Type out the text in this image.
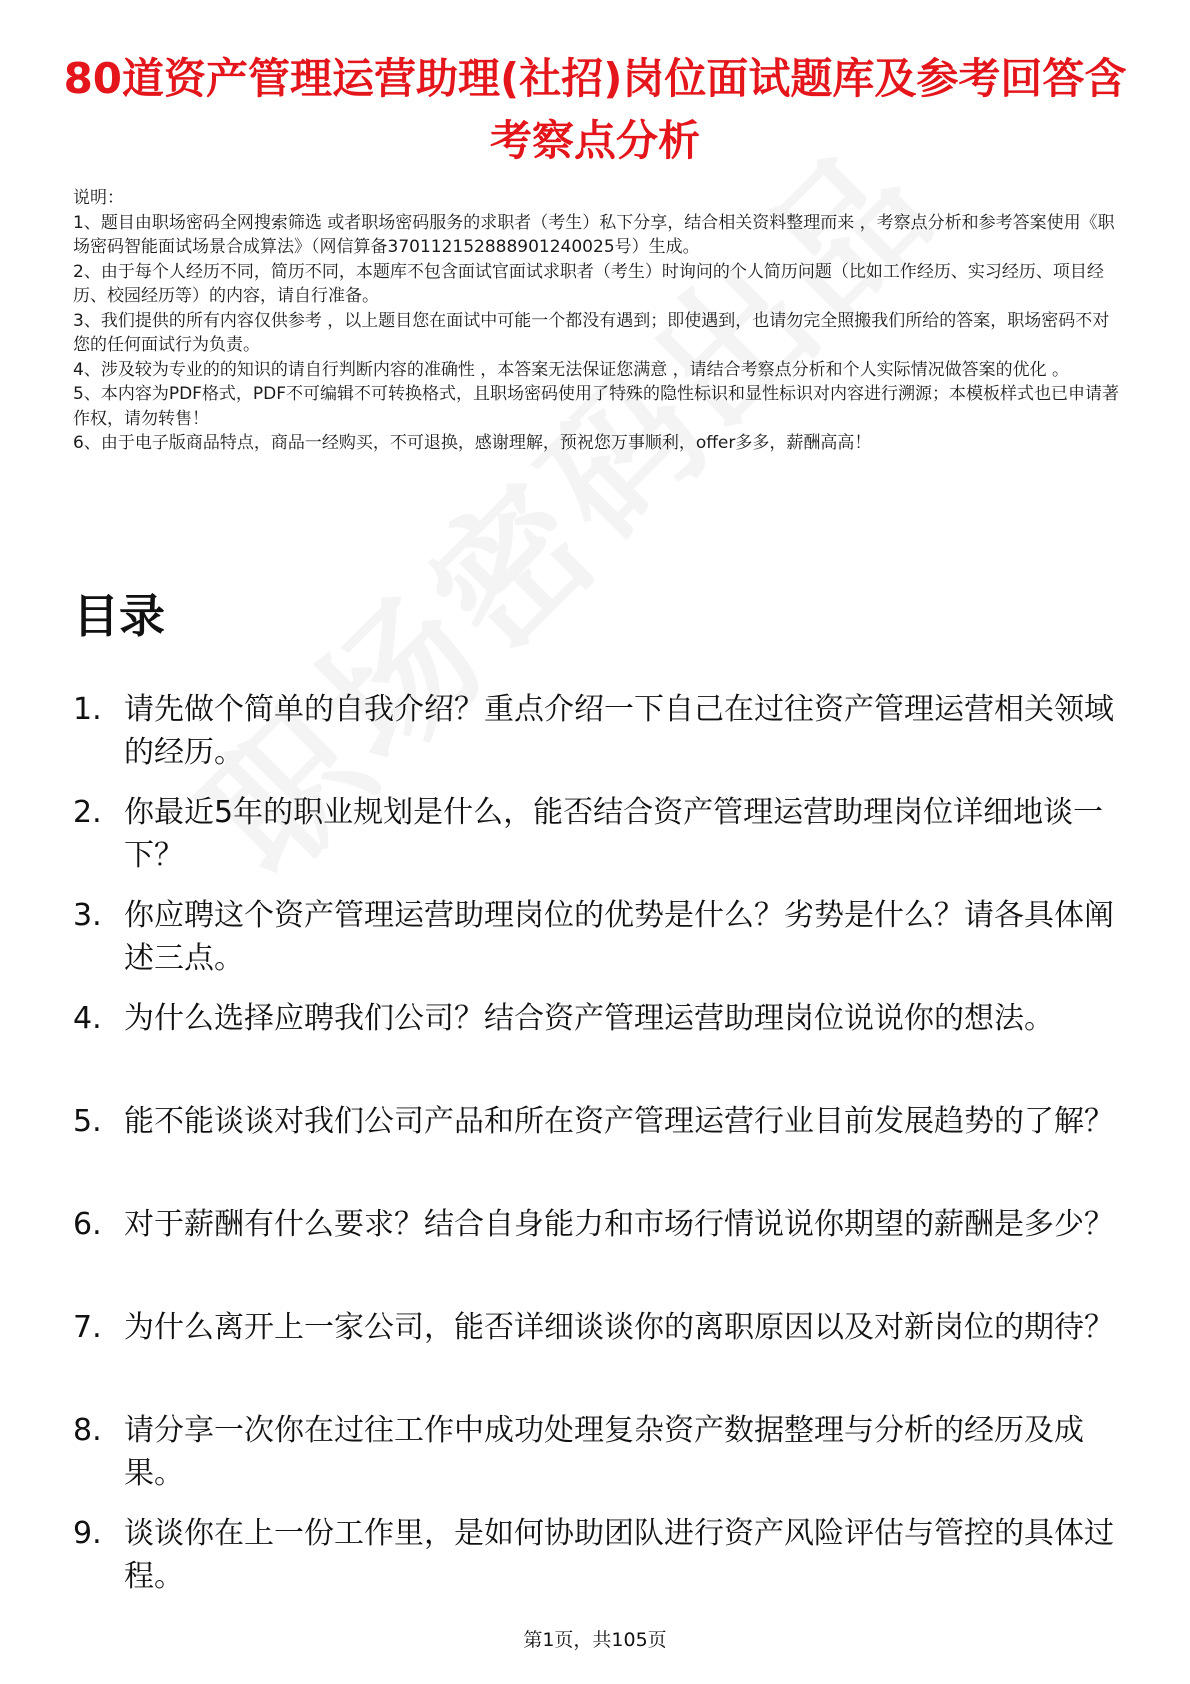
80道资产管理运营助理(社招)岗位面试题库及参考回答含考察点分析

说明：

1、题目由职场密码全网搜索筛选 或者职场密码服务的求职者（考生）私下分享，结合相关资料整理而来 ，考察点分析和参考答案使用《职场密码智能面试场景合成算法》（网信算备370112152888901240025号）生成。

2、由于每个人经历不同，简历不同，本题库不包含面试官面试求职者（考生）时询问的个人简历问题（比如工作经历、实习经历、项目经历、校园经历等）的内容，请自行准备。

3、我们提供的所有内容仅供参考 ，以上题目您在面试中可能一个都没有遇到；即使遇到，也请勿完全照搬我们所给的答案，职场密码不对您的任何面试行为负责。

4、涉及较为专业的的知识的请自行判断内容的准确性 ，本答案无法保证您满意 ，请结合考察点分析和个人实际情况做答案的优化 。

5、本内容为PDF格式，PDF不可编辑不可转换格式，且职场密码使用了特殊的隐性标识和显性标识对内容进行溯源；本模板样式也已申请著作权，请勿转售！

6、由于电子版商品特点，商品一经购买，不可退换，感谢理解，预祝您万事顺利，offer多多，薪酬高高！

目录
1. 请先做个简单的自我介绍？重点介绍一下自己在过往资产管理运营相关领域的经历。
2. 你最近5年的职业规划是什么，能否结合资产管理运营助理岗位详细地谈一下？
3. 你应聘这个资产管理运营助理岗位的优势是什么？劣势是什么？请各具体阐述三点。
4. 为什么选择应聘我们公司？结合资产管理运营助理岗位说说你的想法。
5. 能不能谈谈对我们公司产品和所在资产管理运营行业目前发展趋势的了解？
6. 对于薪酬有什么要求？结合自身能力和市场行情说说你期望的薪酬是多少？
7. 为什么离开上一家公司，能否详细谈谈你的离职原因以及对新岗位的期待？
8. 请分享一次你在过往工作中成功处理复杂资产数据整理与分析的经历及成果。
9. 谈谈你在上一份工作里，是如何协助团队进行资产风险评估与管控的具体过程。
第1页，共105页
